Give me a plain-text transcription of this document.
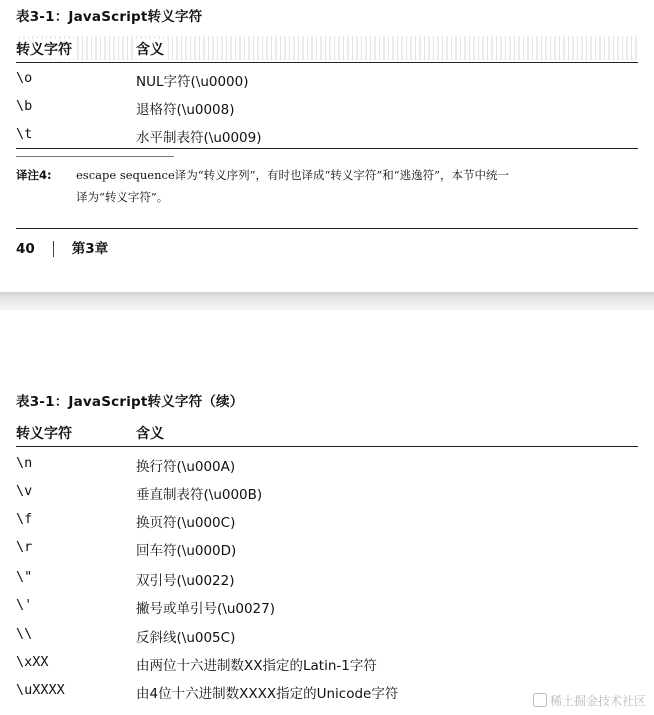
表3-1：JavaScript转义字符
转义字符	含义
\o	NUL字符(\u0000)
\b	退格符(\u0008)
\t	水平制表符(\u0009)
译注4: escape sequence译为“转义序列”，有时也译成“转义字符”和“逃逸符”，本节中统一
译为“转义字符”。
40	第3章
表3-1：JavaScript转义字符（续）
转义字符	含义
\n	换行符(\u000A)
\v	垂直制表符(\u000B)
\f	换页符(\u000C)
\r	回车符(\u000D)
\"	双引号(\u0022)
\'	撇号或单引号(\u0027)
\\	反斜线(\u005C)
\xXX	由两位十六进制数XX指定的Latin-1字符
\uXXXX	由4位十六进制数XXXX指定的Unicode字符	稀土掘金技术社区
